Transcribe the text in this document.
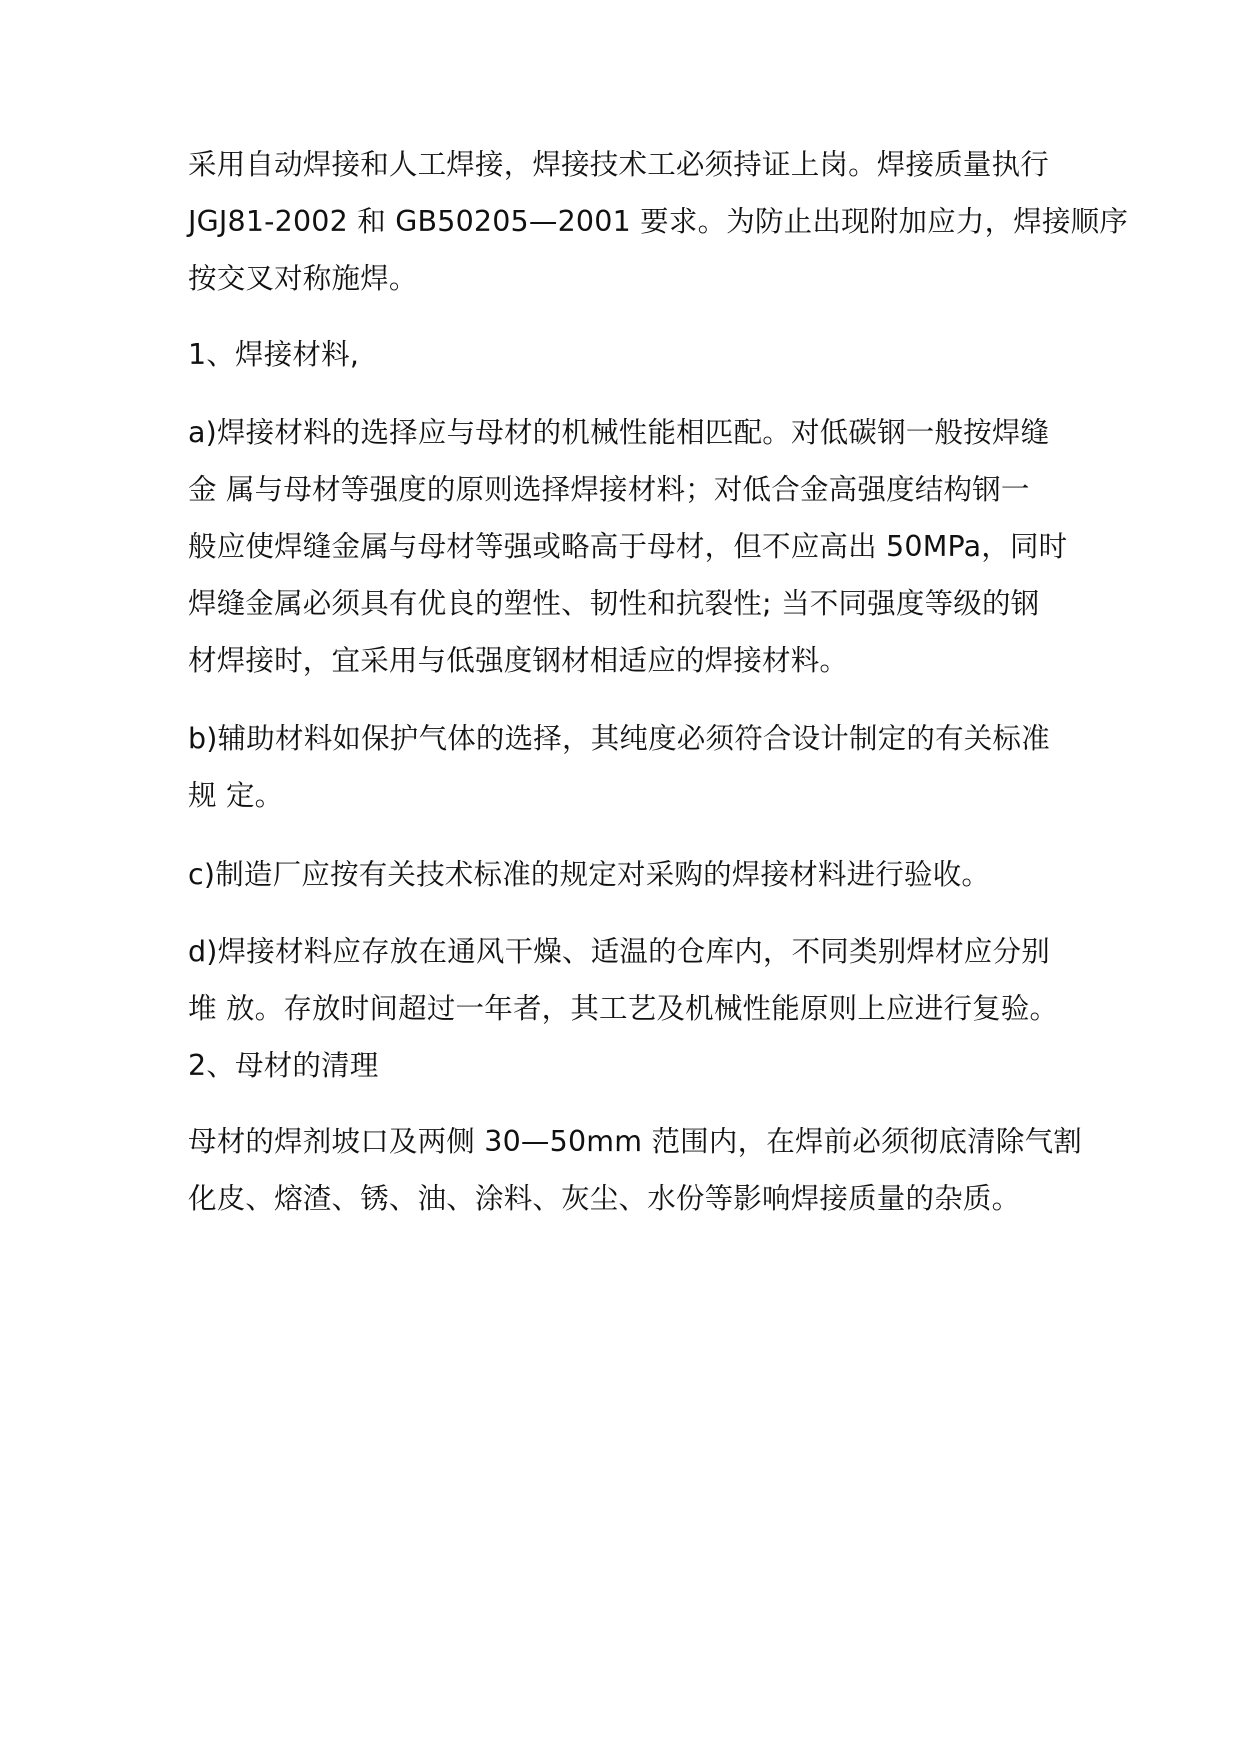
采用自动焊接和人工焊接，焊接技术工必须持证上岗。焊接质量执行
JGJ81-2002 和 GB50205—2001 要求。为防止出现附加应力，焊接顺序
按交叉对称施焊。
1、焊接材料,
a)焊接材料的选择应与母材的机械性能相匹配。对低碳钢一般按焊缝
金 属与母材等强度的原则选择焊接材料；对低合金高强度结构钢一
般应使焊缝金属与母材等强或略高于母材，但不应高出 50MPa，同时
焊缝金属必须具有优良的塑性、韧性和抗裂性; 当不同强度等级的钢
材焊接时，宜采用与低强度钢材相适应的焊接材料。
b)辅助材料如保护气体的选择，其纯度必须符合设计制定的有关标准
规 定。
c)制造厂应按有关技术标准的规定对采购的焊接材料进行验收。
d)焊接材料应存放在通风干燥、适温的仓库内，不同类别焊材应分别
堆 放。存放时间超过一年者，其工艺及机械性能原则上应进行复验。
2、母材的清理
母材的焊剂坡口及两侧 30—50mm 范围内，在焊前必须彻底清除气割
化皮、熔渣、锈、油、涂料、灰尘、水份等影响焊接质量的杂质。
